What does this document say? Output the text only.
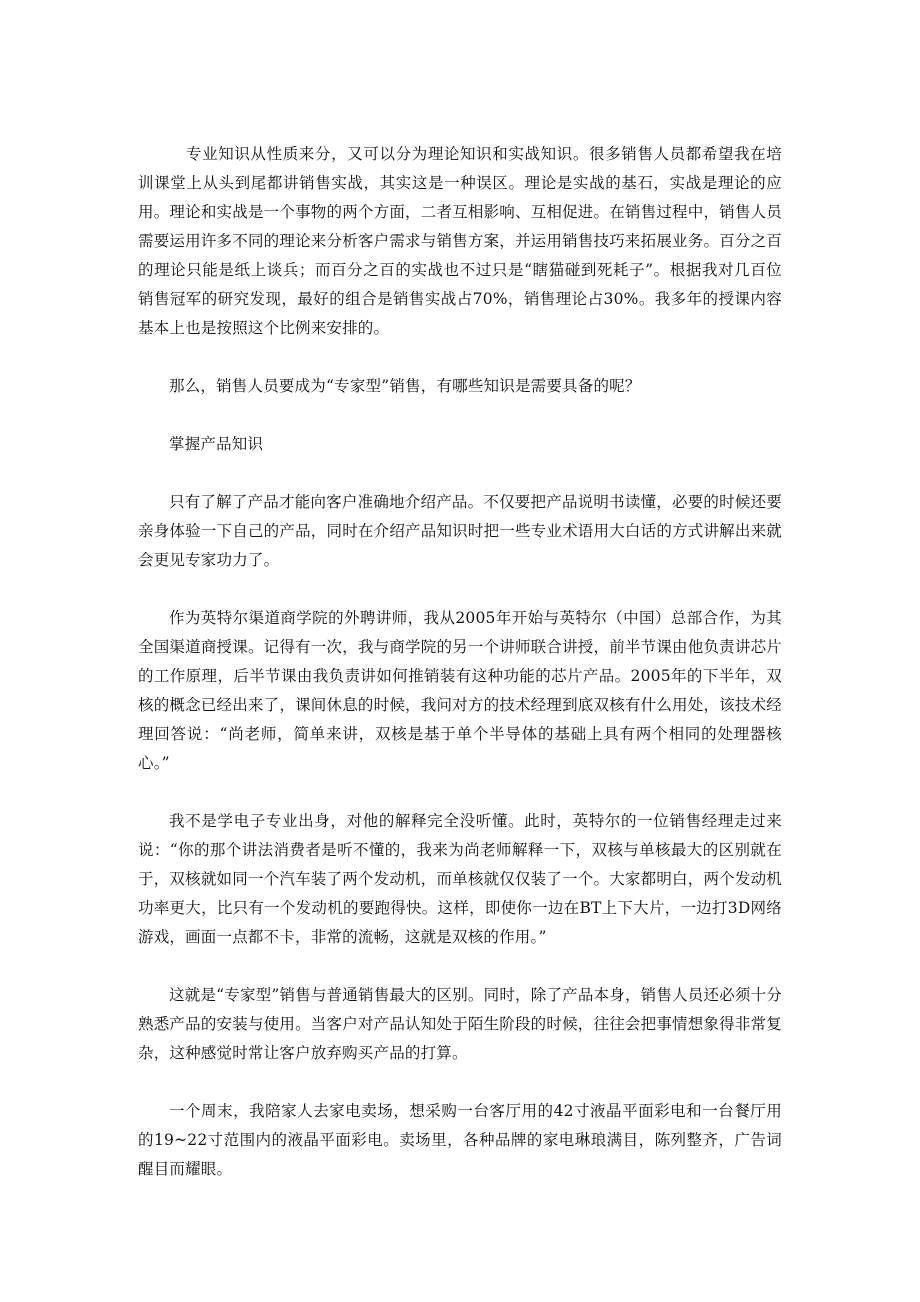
专业知识从性质来分，又可以分为理论知识和实战知识。很多销售人员都希望我在培训课堂上从头到尾都讲销售实战，其实这是一种误区。理论是实战的基石，实战是理论的应用。理论和实战是一个事物的两个方面，二者互相影响、互相促进。在销售过程中，销售人员需要运用许多不同的理论来分析客户需求与销售方案，并运用销售技巧来拓展业务。百分之百的理论只能是纸上谈兵；而百分之百的实战也不过只是“瞎猫碰到死耗子”。根据我对几百位销售冠军的研究发现，最好的组合是销售实战占70%，销售理论占30%。我多年的授课内容基本上也是按照这个比例来安排的。

那么，销售人员要成为“专家型”销售，有哪些知识是需要具备的呢？

掌握产品知识

只有了解了产品才能向客户准确地介绍产品。不仅要把产品说明书读懂，必要的时候还要亲身体验一下自己的产品，同时在介绍产品知识时把一些专业术语用大白话的方式讲解出来就会更见专家功力了。

作为英特尔渠道商学院的外聘讲师，我从2005年开始与英特尔（中国）总部合作，为其全国渠道商授课。记得有一次，我与商学院的另一个讲师联合讲授，前半节课由他负责讲芯片的工作原理，后半节课由我负责讲如何推销装有这种功能的芯片产品。2005年的下半年，双核的概念已经出来了，课间休息的时候，我问对方的技术经理到底双核有什么用处，该技术经理回答说：“尚老师，简单来讲，双核是基于单个半导体的基础上具有两个相同的处理器核心。”

我不是学电子专业出身，对他的解释完全没听懂。此时，英特尔的一位销售经理走过来说：“你的那个讲法消费者是听不懂的，我来为尚老师解释一下，双核与单核最大的区别就在于，双核就如同一个汽车装了两个发动机，而单核就仅仅装了一个。大家都明白，两个发动机功率更大，比只有一个发动机的要跑得快。这样，即使你一边在BT上下大片，一边打3D网络游戏，画面一点都不卡，非常的流畅，这就是双核的作用。”

这就是“专家型”销售与普通销售最大的区别。同时，除了产品本身，销售人员还必须十分熟悉产品的安装与使用。当客户对产品认知处于陌生阶段的时候，往往会把事情想象得非常复杂，这种感觉时常让客户放弃购买产品的打算。

一个周末，我陪家人去家电卖场，想采购一台客厅用的42寸液晶平面彩电和一台餐厅用的19~22寸范围内的液晶平面彩电。卖场里，各种品牌的家电琳琅满目，陈列整齐，广告词醒目而耀眼。
